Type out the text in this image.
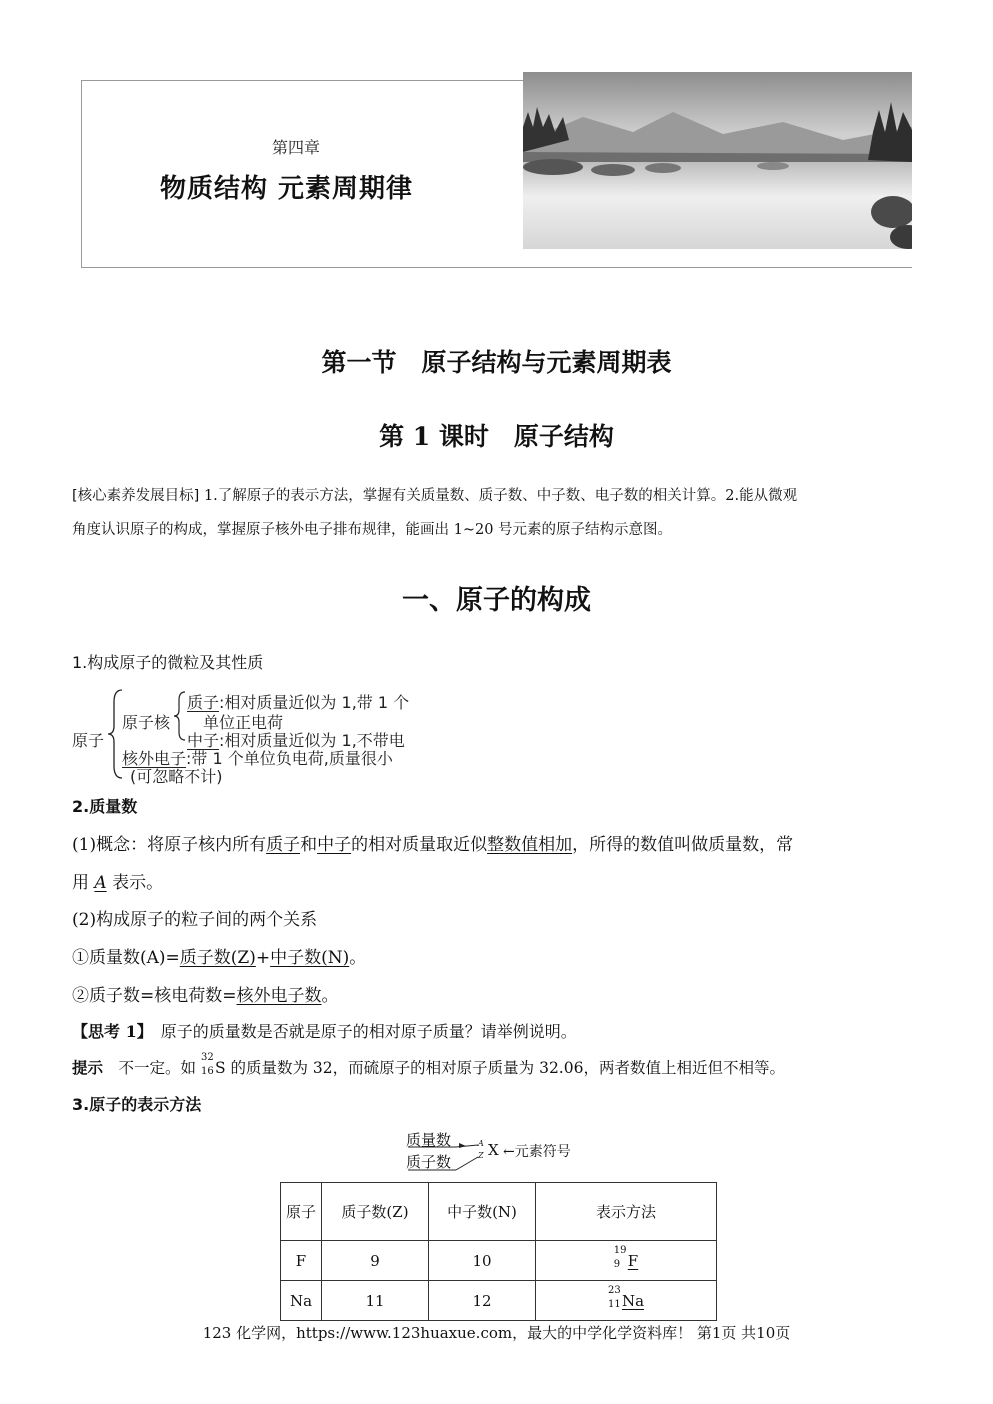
第四章
物质结构 元素周期律
第一节　原子结构与元素周期表
第 1 课时　原子结构
[核心素养发展目标] 1.了解原子的表示方法，掌握有关质量数、质子数、中子数、电子数的相关计算。2.能从微观
角度认识原子的构成，掌握原子核外电子排布规律，能画出 1~20 号元素的原子结构示意图。
一、原子的构成
1.构成原子的微粒及其性质
原子
原子核
质子:相对质量近似为 1,带 1 个
单位正电荷
中子:相对质量近似为 1,不带电
核外电子:带 1 个单位负电荷,质量很小
(可忽略不计)
2.质量数
(1)概念：将原子核内所有质子和中子的相对质量取近似整数值相加，所得的数值叫做质量数，常
用 A 表示。
(2)构成原子的粒子间的两个关系
①质量数(A)=质子数(Z)+中子数(N)。
②质子数=核电荷数=核外电子数。
【思考 1】　原子的质量数是否就是原子的相对原子质量？请举例说明。
提示　不一定。如
32
16 S 的质量数为 32，而硫原子的相对原子质量为 32.06，两者数值上相近但不相等。
3.原子的表示方法
质量数
质子数
A
Z X ←元素符号
原子	质子数(Z)	中子数(N)	表示方法
F	9	10	19
9 F
Na	11	12	23
11 Na
123 化学网，https://www.123huaxue.com，最大的中学化学资料库！ 第1页 共10页
